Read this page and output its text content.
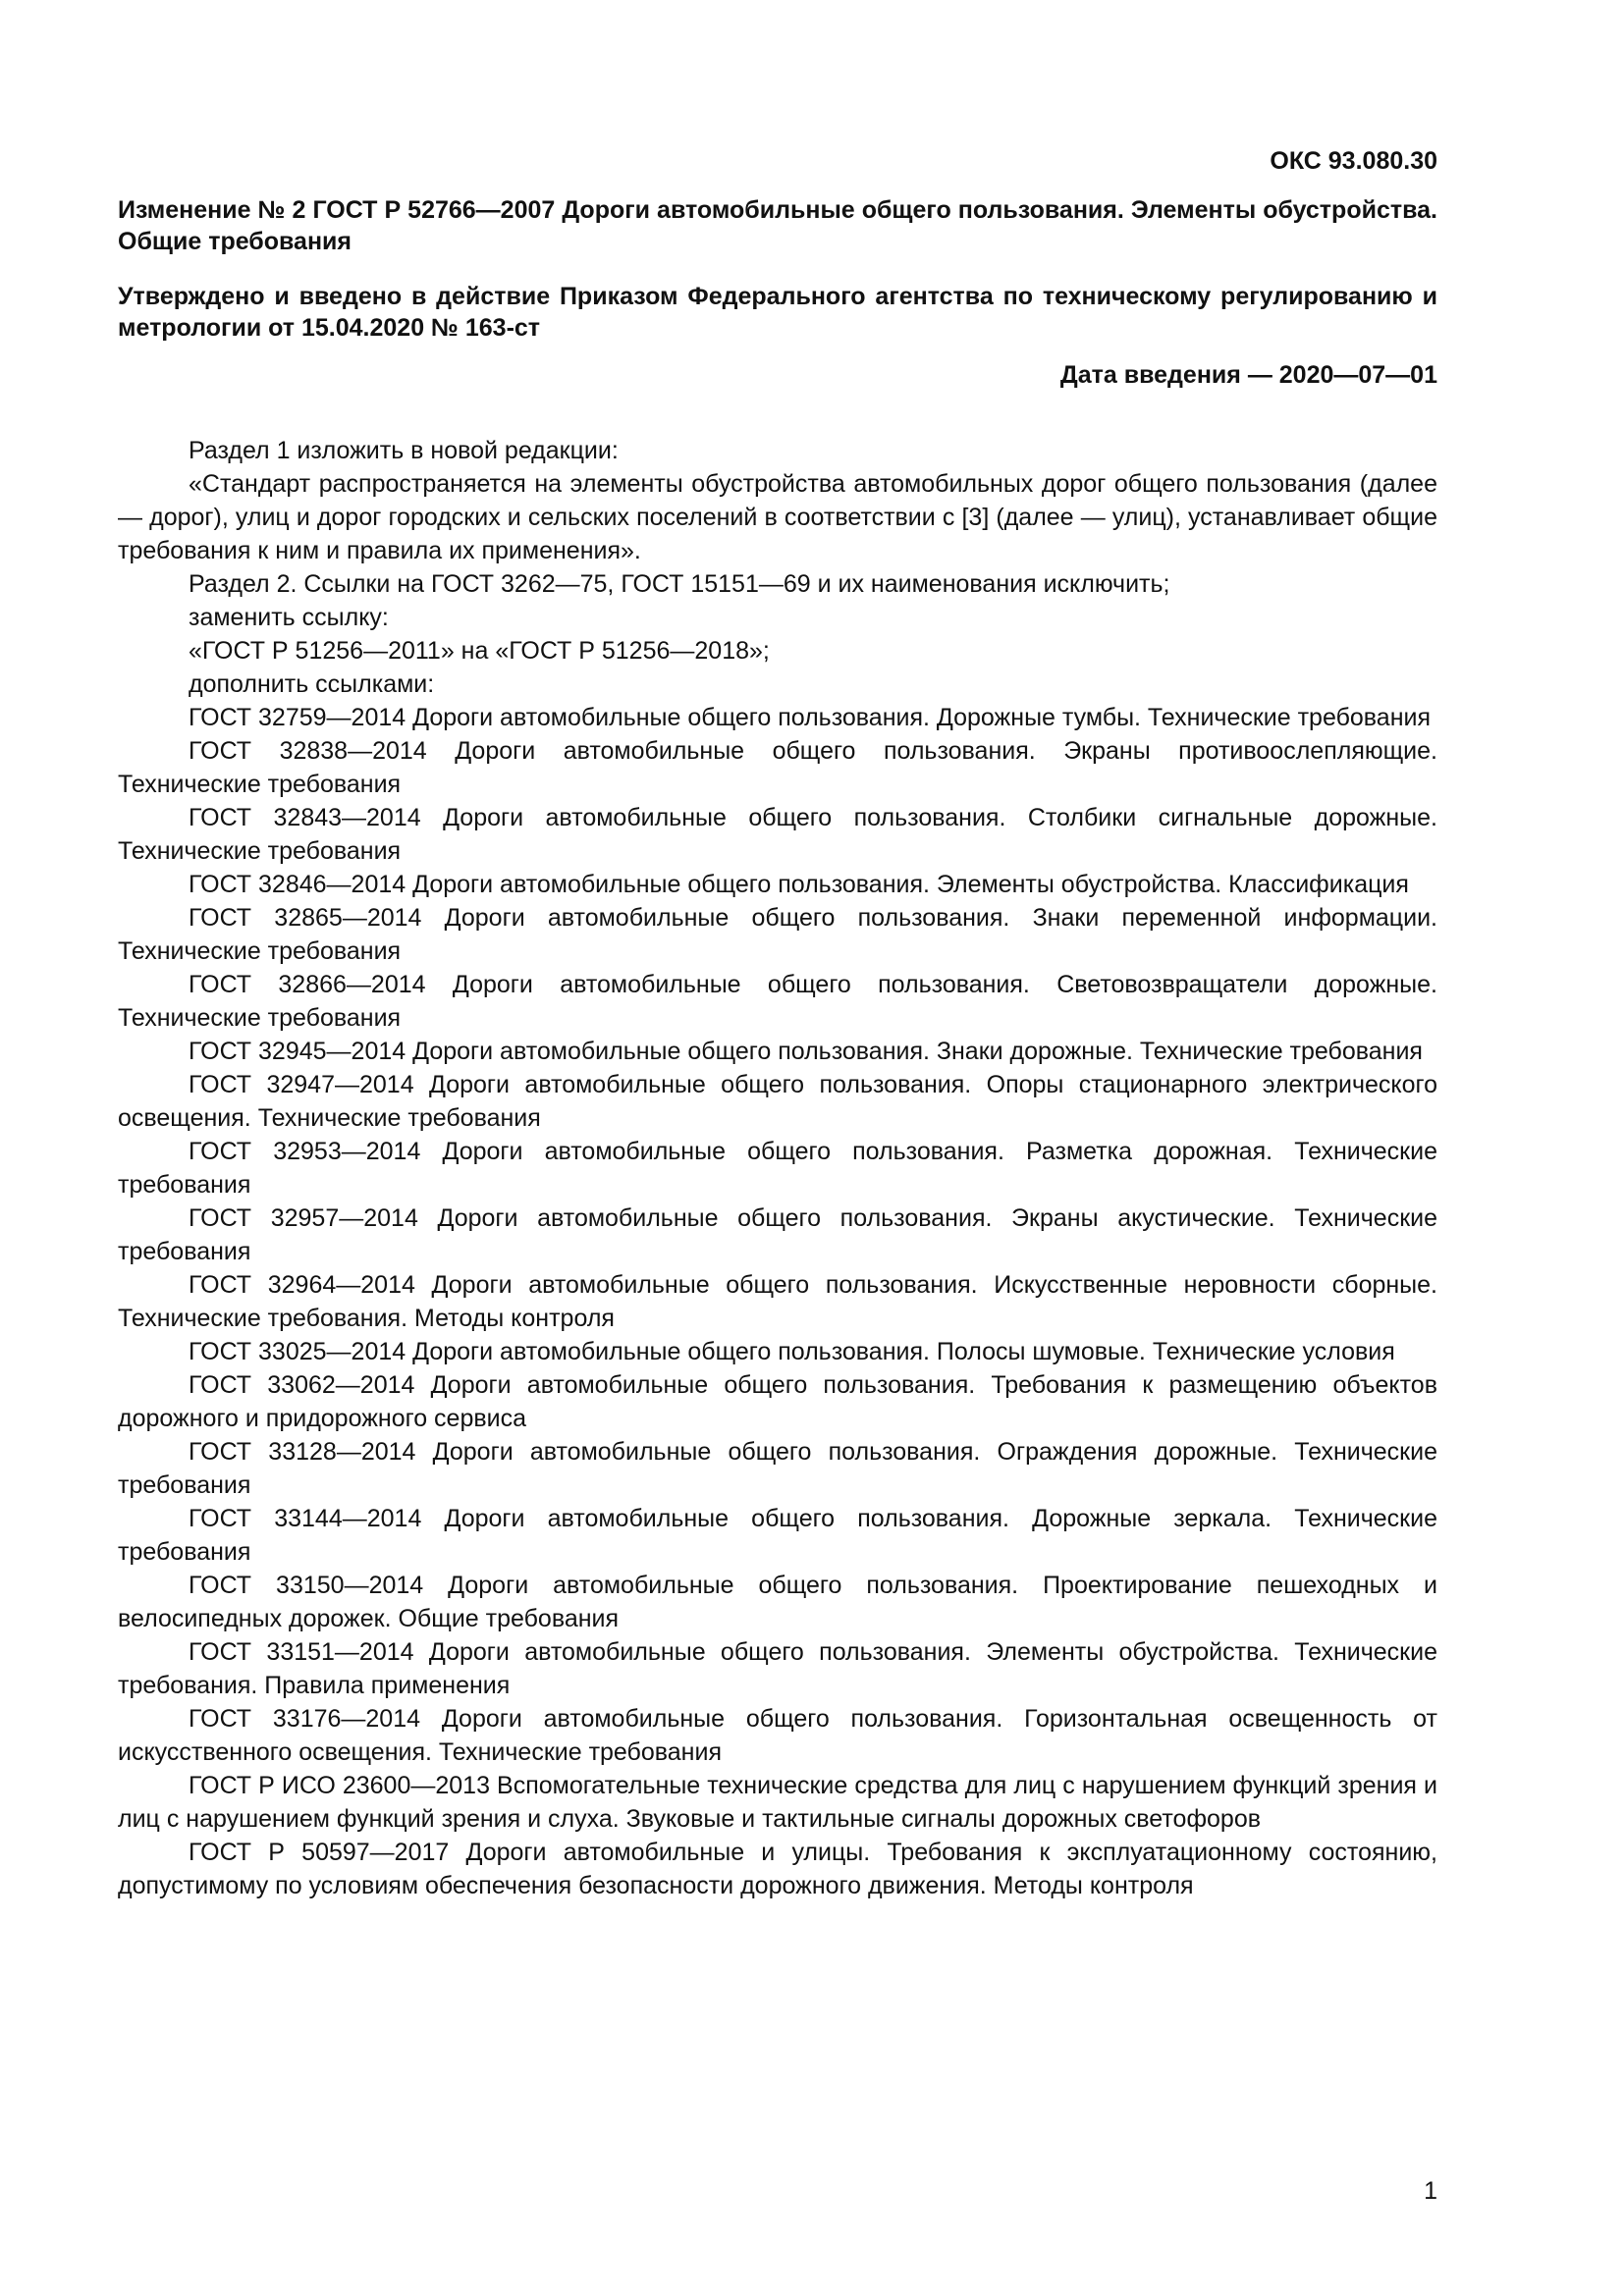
ОКС 93.080.30

Изменение № 2 ГОСТ Р 52766—2007 Дороги автомобильные общего пользования. Элементы обустройства. Общие требования

Утверждено и введено в действие Приказом Федерального агентства по техническому регулированию и метрологии от 15.04.2020 № 163-ст

Дата введения — 2020—07—01

Раздел 1 изложить в новой редакции:

«Стандарт распространяется на элементы обустройства автомобильных дорог общего пользования (далее — дорог), улиц и дорог городских и сельских поселений в соответствии с [3] (далее — улиц), устанавливает общие требования к ним и правила их применения».

Раздел 2. Ссылки на ГОСТ 3262—75, ГОСТ 15151—69 и их наименования исключить;

заменить ссылку:

«ГОСТ Р 51256—2011» на «ГОСТ Р 51256—2018»;

дополнить ссылками:

ГОСТ 32759—2014 Дороги автомобильные общего пользования. Дорожные тумбы. Технические требования

ГОСТ 32838—2014 Дороги автомобильные общего пользования. Экраны противоослепляющие. Технические требования

ГОСТ 32843—2014 Дороги автомобильные общего пользования. Столбики сигнальные дорожные. Технические требования

ГОСТ 32846—2014 Дороги автомобильные общего пользования. Элементы обустройства. Классификация

ГОСТ 32865—2014 Дороги автомобильные общего пользования. Знаки переменной информации. Технические требования

ГОСТ 32866—2014 Дороги автомобильные общего пользования. Световозвращатели дорожные. Технические требования

ГОСТ 32945—2014 Дороги автомобильные общего пользования. Знаки дорожные. Технические требования

ГОСТ 32947—2014 Дороги автомобильные общего пользования. Опоры стационарного электрического освещения. Технические требования

ГОСТ 32953—2014 Дороги автомобильные общего пользования. Разметка дорожная. Технические требования

ГОСТ 32957—2014 Дороги автомобильные общего пользования. Экраны акустические. Технические требования

ГОСТ 32964—2014 Дороги автомобильные общего пользования. Искусственные неровности сборные. Технические требования. Методы контроля

ГОСТ 33025—2014 Дороги автомобильные общего пользования. Полосы шумовые. Технические условия

ГОСТ 33062—2014 Дороги автомобильные общего пользования. Требования к размещению объектов дорожного и придорожного сервиса

ГОСТ 33128—2014 Дороги автомобильные общего пользования. Ограждения дорожные. Технические требования

ГОСТ 33144—2014 Дороги автомобильные общего пользования. Дорожные зеркала. Технические требования

ГОСТ 33150—2014 Дороги автомобильные общего пользования. Проектирование пешеходных и велосипедных дорожек. Общие требования

ГОСТ 33151—2014 Дороги автомобильные общего пользования. Элементы обустройства. Технические требования. Правила применения

ГОСТ 33176—2014 Дороги автомобильные общего пользования. Горизонтальная освещенность от искусственного освещения. Технические требования

ГОСТ Р ИСО 23600—2013 Вспомогательные технические средства для лиц с нарушением функций зрения и лиц с нарушением функций зрения и слуха. Звуковые и тактильные сигналы дорожных светофоров

ГОСТ Р 50597—2017 Дороги автомобильные и улицы. Требования к эксплуатационному состоянию, допустимому по условиям обеспечения безопасности дорожного движения. Методы контроля

1
